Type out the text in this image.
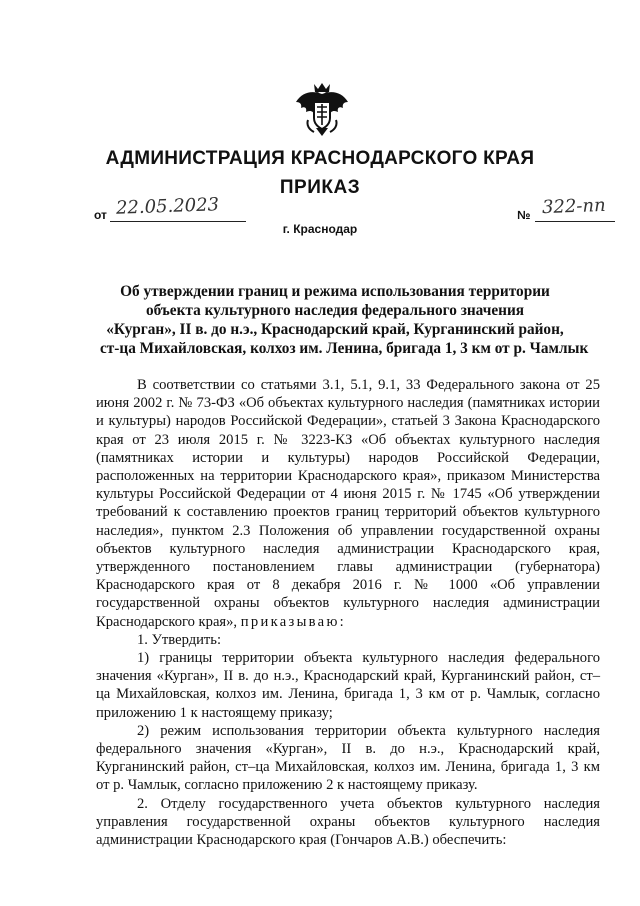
АДМИНИСТРАЦИЯ КРАСНОДАРСКОГО КРАЯ
ПРИКАЗ
от 22.05.2023	№ 322-пп
г. Краснодар
Об утверждении границ и режима использования территории
объекта культурного наследия федерального значения
«Курган», II в. до н.э., Краснодарский край, Курганинский район,
ст-ца Михайловская, колхоз им. Ленина, бригада 1, 3 км от р. Чамлык

В соответствии со статьями 3.1, 5.1, 9.1, 33 Федерального закона от 25 июня 2002 г. № 73-ФЗ «Об объектах культурного наследия (памятниках истории и культуры) народов Российской Федерации», статьей 3 Закона Краснодарского края от 23 июля 2015 г. № 3223-КЗ «Об объектах культурного наследия (памятниках истории и культуры) народов Российской Федерации, расположенных на территории Краснодарского края», приказом Министерства культуры Российской Федерации от 4 июня 2015 г. № 1745 «Об утверждении требований к составлению проектов границ территорий объектов культурного наследия», пунктом 2.3 Положения об управлении государственной охраны объектов культурного наследия администрации Краснодарского края, утвержденного постановлением главы администрации (губернатора) Краснодарского края от 8 декабря 2016 г. № 1000 «Об управлении государственной охраны объектов культурного наследия администрации Краснодарского края», приказываю:

1. Утвердить:

1) границы территории объекта культурного наследия федерального значения «Курган», II в. до н.э., Краснодарский край, Курганинский район, ст–ца Михайловская, колхоз им. Ленина, бригада 1, 3 км от р. Чамлык, согласно приложению 1 к настоящему приказу;

2) режим использования территории объекта культурного наследия федерального значения «Курган», II в. до н.э., Краснодарский край, Курганинский район, ст–ца Михайловская, колхоз им. Ленина, бригада 1, 3 км от р. Чамлык, согласно приложению 2 к настоящему приказу.

2. Отделу государственного учета объектов культурного наследия управления государственной охраны объектов культурного наследия администрации Краснодарского края (Гончаров А.В.) обеспечить:
